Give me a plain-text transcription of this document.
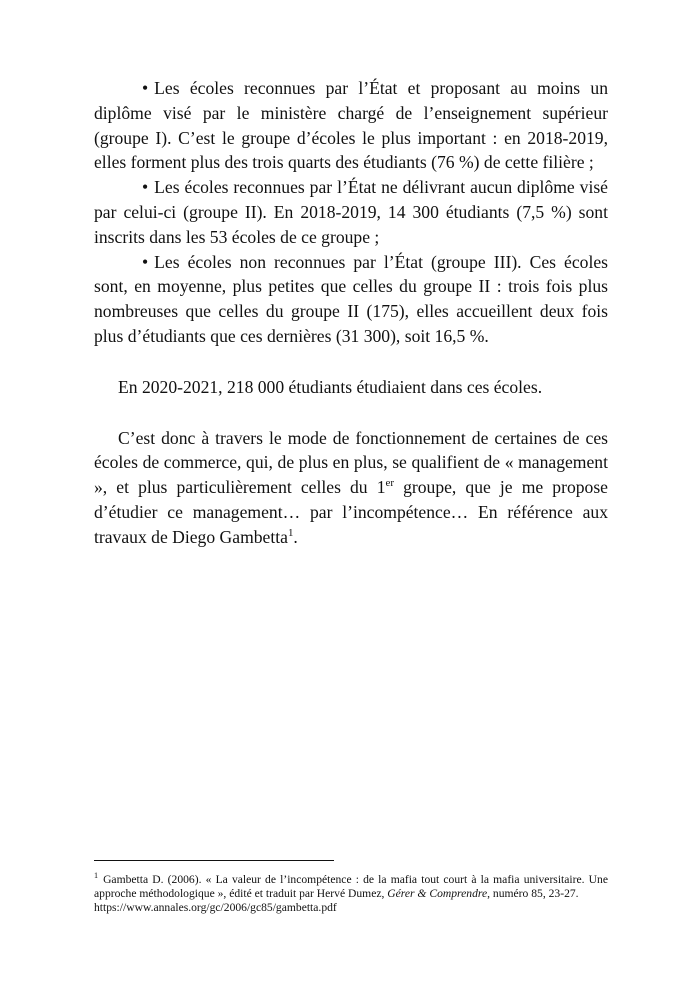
• Les écoles reconnues par l’État et proposant au moins un diplôme visé par le ministère chargé de l’enseignement supérieur (groupe I). C’est le groupe d’écoles le plus important : en 2018-2019, elles forment plus des trois quarts des étudiants (76 %) de cette filière ;

• Les écoles reconnues par l’État ne délivrant aucun diplôme visé par celui-ci (groupe II). En 2018-2019, 14 300 étudiants (7,5 %) sont inscrits dans les 53 écoles de ce groupe ;

• Les écoles non reconnues par l’État (groupe III). Ces écoles sont, en moyenne, plus petites que celles du groupe II : trois fois plus nombreuses que celles du groupe II (175), elles accueillent deux fois plus d’étudiants que ces dernières (31 300), soit 16,5 %.

En 2020-2021, 218 000 étudiants étudiaient dans ces écoles.

C’est donc à travers le mode de fonctionnement de certaines de ces écoles de commerce, qui, de plus en plus, se qualifient de « management », et plus particulièrement celles du 1er groupe, que je me propose d’étudier ce management… par l’incompétence… En référence aux travaux de Diego Gambetta$^1$.

$^1$ Gambetta D. (2006). « La valeur de l’incompétence : de la mafia tout court à la mafia universitaire. Une approche méthodologique », édité et traduit par Hervé Dumez, Gérer & Comprendre, numéro 85, 23-27.

https://www.annales.org/gc/2006/gc85/gambetta.pdf
